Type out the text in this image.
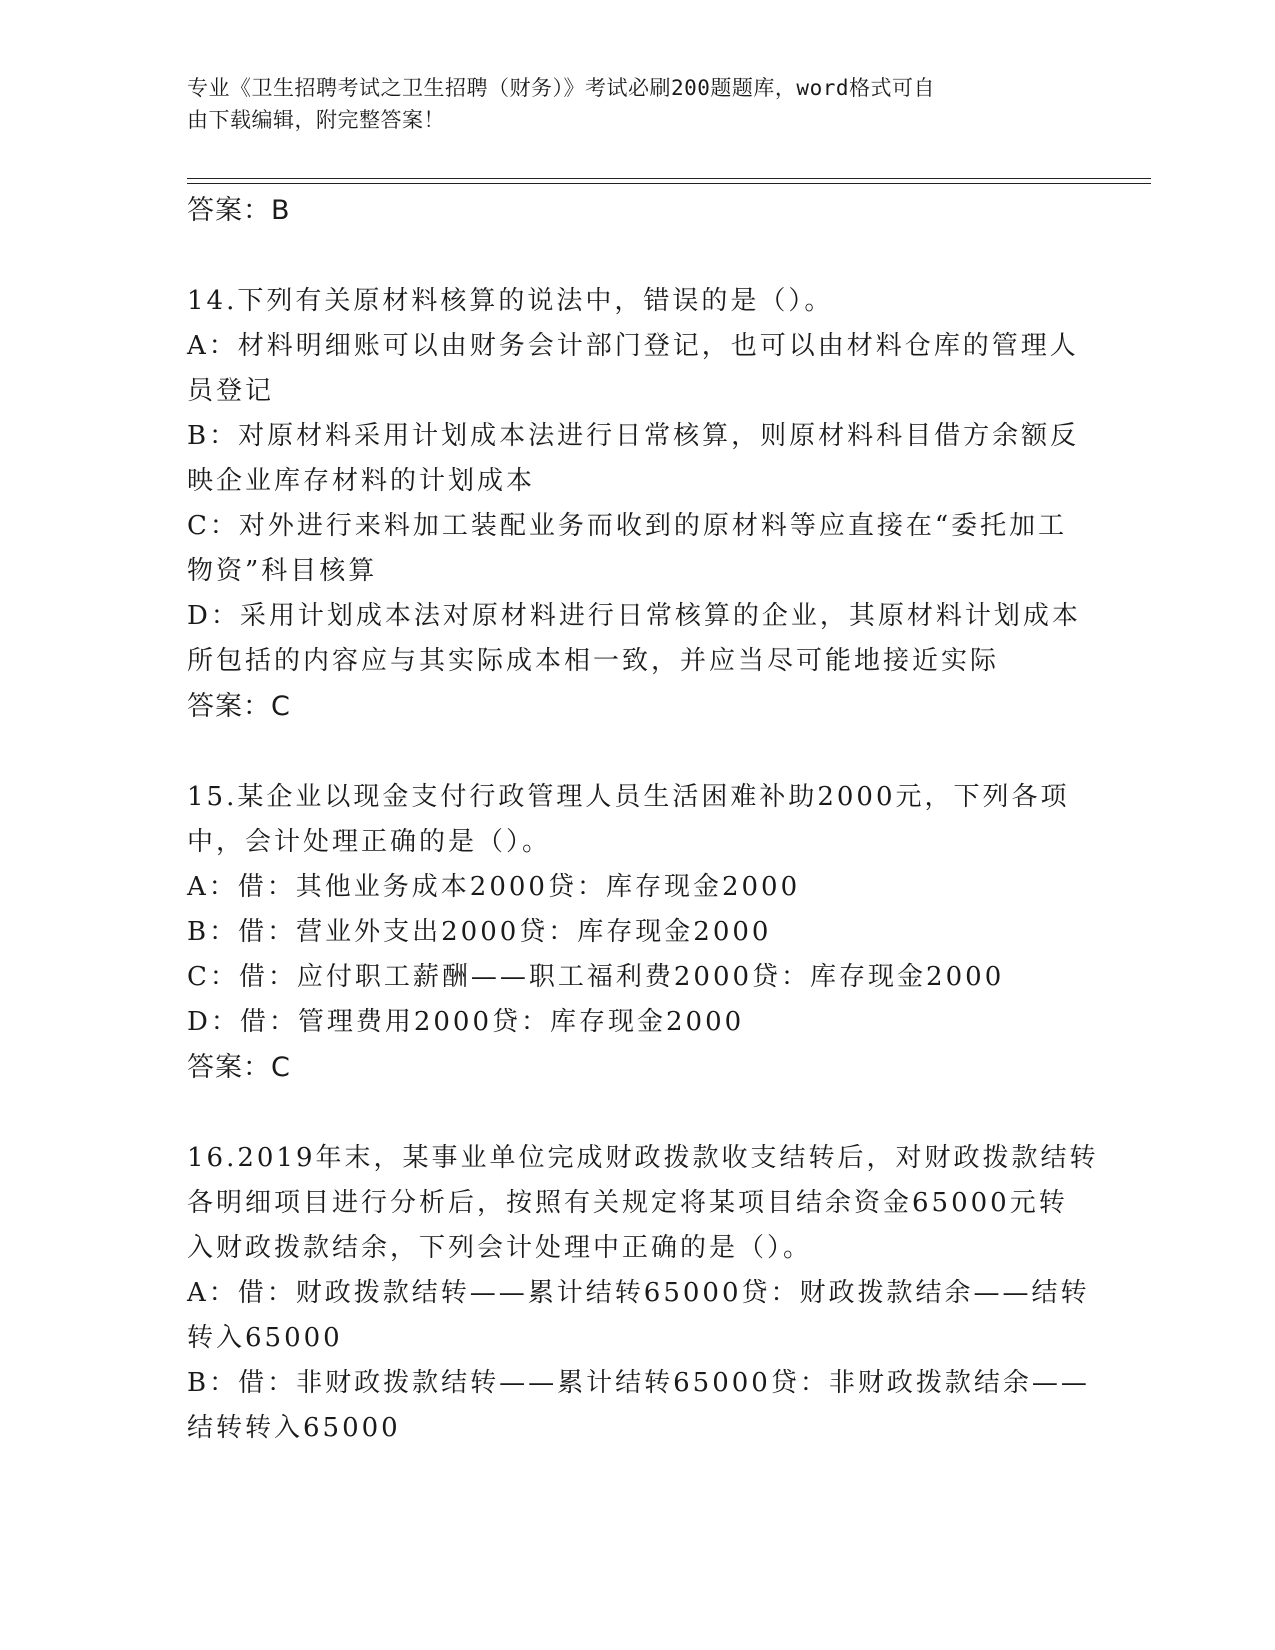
专业《卫生招聘考试之卫生招聘（财务）》考试必刷200题题库，word格式可自
由下载编辑，附完整答案！

答案：B

14.下列有关原材料核算的说法中，错误的是（）。

A：材料明细账可以由财务会计部门登记，也可以由材料仓库的管理人

员登记

B：对原材料采用计划成本法进行日常核算，则原材料科目借方余额反

映企业库存材料的计划成本

C：对外进行来料加工装配业务而收到的原材料等应直接在“委托加工

物资”科目核算

D：采用计划成本法对原材料进行日常核算的企业，其原材料计划成本

所包括的内容应与其实际成本相一致，并应当尽可能地接近实际

答案：C

15.某企业以现金支付行政管理人员生活困难补助2000元，下列各项

中，会计处理正确的是（）。

A：借：其他业务成本2000贷：库存现金2000

B：借：营业外支出2000贷：库存现金2000

C：借：应付职工薪酬——职工福利费2000贷：库存现金2000

D：借：管理费用2000贷：库存现金2000

答案：C

16.2019年末，某事业单位完成财政拨款收支结转后，对财政拨款结转

各明细项目进行分析后，按照有关规定将某项目结余资金65000元转

入财政拨款结余，下列会计处理中正确的是（）。

A：借：财政拨款结转——累计结转65000贷：财政拨款结余——结转

转入65000

B：借：非财政拨款结转——累计结转65000贷：非财政拨款结余——

结转转入65000
